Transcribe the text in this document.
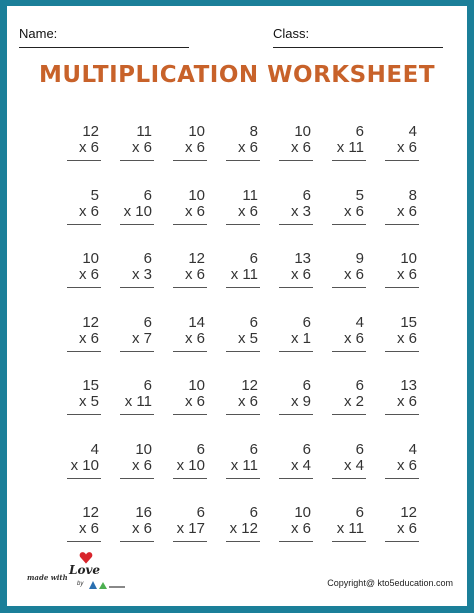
Name:	Class:
MULTIPLICATION WORKSHEET
12
x 6
11
x 6
10
x 6
8
x 6
10
x 6
6
x 11
4
x 6
5
x 6
6
x 10
10
x 6
11
x 6
6
x 3
5
x 6
8
x 6
10
x 6
6
x 3
12
x 6
6
x 11
13
x 6
9
x 6
10
x 6
12
x 6
6
x 7
14
x 6
6
x 5
6
x 1
4
x 6
15
x 6
15
x 5
6
x 11
10
x 6
12
x 6
6
x 9
6
x 2
13
x 6
4
x 10
10
x 6
6
x 10
6
x 11
6
x 4
6
x 4
4
x 6
12
x 6
16
x 6
6
x 17
6
x 12
10
x 6
6
x 11
12
x 6
made with
Love
by	Copyright@ kto5education.com
